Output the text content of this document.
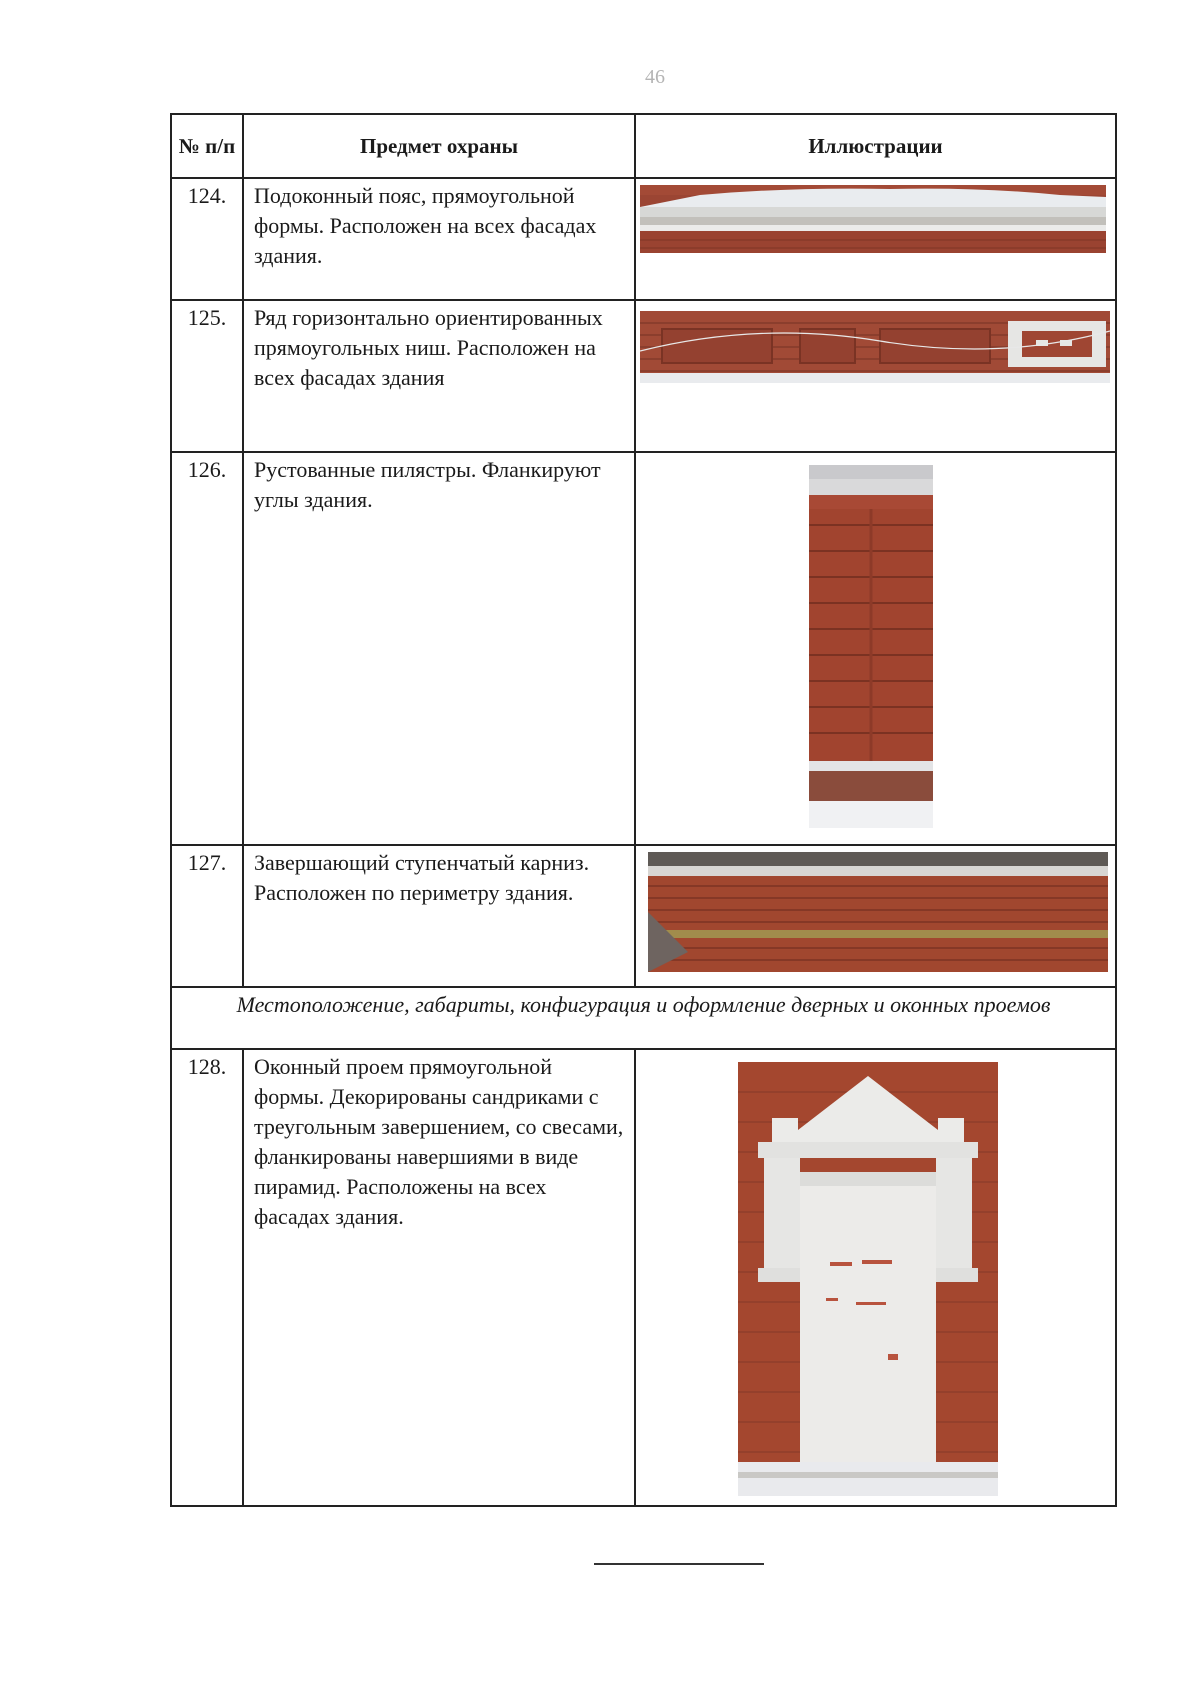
46
№ п/п	Предмет охраны	Иллюстрации
124.	Подоконный пояс, прямоугольной формы. Расположен на всех фасадах здания.	

125.	Ряд горизонтально ориентированных прямоугольных ниш. Расположен на всех фасадах здания	

126.	Рустованные пилястры. Фланкируют углы здания.	

127.	Завершающий ступенчатый карниз. Расположен по периметру здания.	

Местоположение, габариты, конфигурация и оформление дверных и оконных проемов		
128.	Оконный проем прямоугольной формы. Декорированы сандриками с треугольным завершением, со свесами, фланкированы навершиями в виде пирамид. Расположены на всех фасадах здания.	
